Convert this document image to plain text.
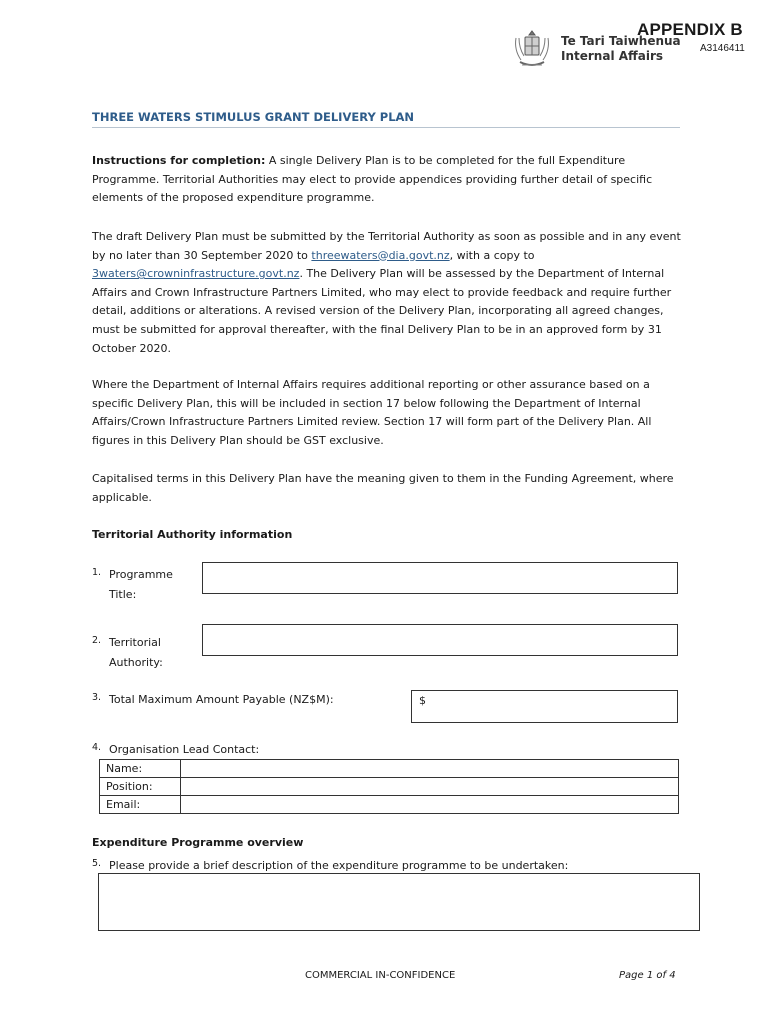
APPENDIX B
A3146411
Te Tari Taiwhenua
Internal Affairs
THREE WATERS STIMULUS GRANT DELIVERY PLAN

Instructions for completion: A single Delivery Plan is to be completed for the full Expenditure Programme. Territorial Authorities may elect to provide appendices providing further detail of specific elements of the proposed expenditure programme.

The draft Delivery Plan must be submitted by the Territorial Authority as soon as possible and in any event by no later than 30 September 2020 to threewaters@dia.govt.nz, with a copy to 3waters@crowninfrastructure.govt.nz. The Delivery Plan will be assessed by the Department of Internal Affairs and Crown Infrastructure Partners Limited, who may elect to provide feedback and require further detail, additions or alterations. A revised version of the Delivery Plan, incorporating all agreed changes, must be submitted for approval thereafter, with the final Delivery Plan to be in an approved form by 31 October 2020.

Where the Department of Internal Affairs requires additional reporting or other assurance based on a specific Delivery Plan, this will be included in section 17 below following the Department of Internal Affairs/Crown Infrastructure Partners Limited review. Section 17 will form part of the Delivery Plan. All figures in this Delivery Plan should be GST exclusive.

Capitalised terms in this Delivery Plan have the meaning given to them in the Funding Agreement, where applicable.

Territorial Authority information
1. Programme
Title:
2. Territorial
Authority:
3. Total Maximum Amount Payable (NZ$M):	$
4. Organisation Lead Contact:
Name:	
Position:	
Email:	
Expenditure Programme overview
5. Please provide a brief description of the expenditure programme to be undertaken:
COMMERCIAL IN-CONFIDENCE	Page 1 of 4
